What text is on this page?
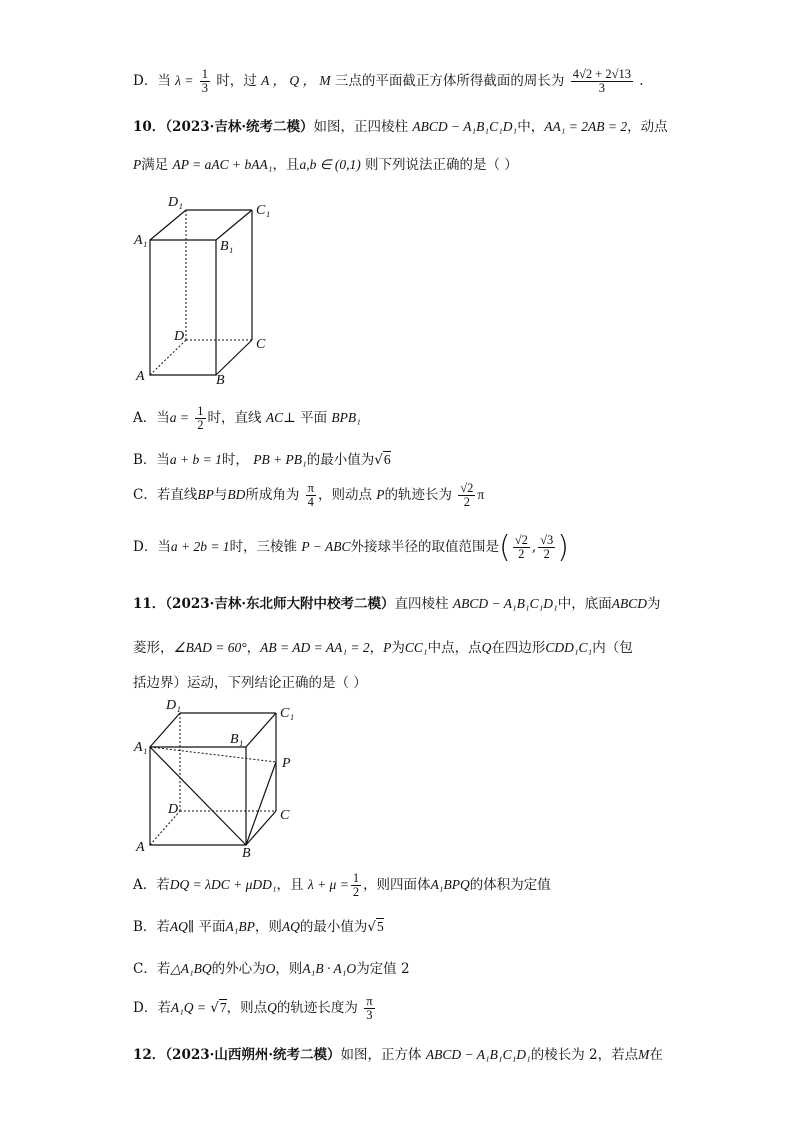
D．当 $\lambda = \frac{1}{3}$ 时，过 A ， Q ， M 三点的平面截正方体所得截面的周长为 $\frac{4√2 + 2√13}{3}$ .
10．（2023·吉林·统考二模）如图，正四棱柱 ABCD − A₁B₁C₁D₁中，AA₁ = 2AB = 2，动点
P满足 AP = aAC + bAA₁，且a,b ∈ (0,1) 则下列说法正确的是（ ）
D₁
C₁
A₁	B₁
D
C
A	B
A．当$a = \frac{1}{2}$ 时，直线 AC⊥ 平面 BPB₁
B．当a + b = 1时， PB + PB₁的最小值为√6
C．若直线BP与BD所成角为 $\frac{\pi}{4}$ ，则动点 P的轨迹长为 $\frac{√2}{2}$ π
D．当a + 2b = 1时，三棱锥 P − ABC外接球半径的取值范围是( $\frac{√2}{2}$ , $\frac{√3}{2}$ )
11．（2023·吉林·东北师大附中校考二模）直四棱柱 ABCD − A₁B₁C₁D₁中，底面ABCD为
菱形，∠BAD = 60°，AB = AD = AA₁ = 2，P为CC₁中点，点Q在四边形CDD₁C₁内（包
括边界）运动，下列结论正确的是（ ）
D₁
C₁
A₁
B₁
P
D	C
A	B
A．若DQ = λDC + μDD₁，且 $\lambda + \mu = \frac{1}{2}$ ，则四面体A₁BPQ的体积为定值
B．若AQ∥ 平面A₁BP，则AQ的最小值为√5
C．若△A₁BQ的外心为O，则A₁B · A₁O为定值 2
D．若A₁Q = √7，则点Q的轨迹长度为 $\frac{\pi}{3}$
12．（2023·山西朔州·统考二模）如图，正方体 ABCD − A₁B₁C₁D₁的棱长为 2，若点M在
